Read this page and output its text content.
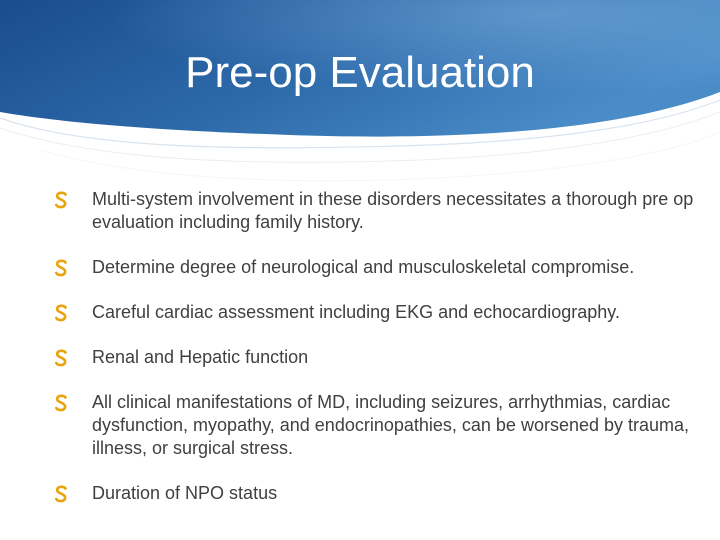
Pre-op Evaluation
Multi-system involvement in these disorders necessitates a thorough pre op evaluation including family history.
Determine degree of neurological and musculoskeletal compromise.
Careful cardiac assessment including EKG and echocardiography.
Renal and Hepatic function
All clinical manifestations of MD, including seizures, arrhythmias, cardiac dysfunction, myopathy, and endocrinopathies, can be worsened by trauma, illness, or surgical stress.
Duration of NPO status
